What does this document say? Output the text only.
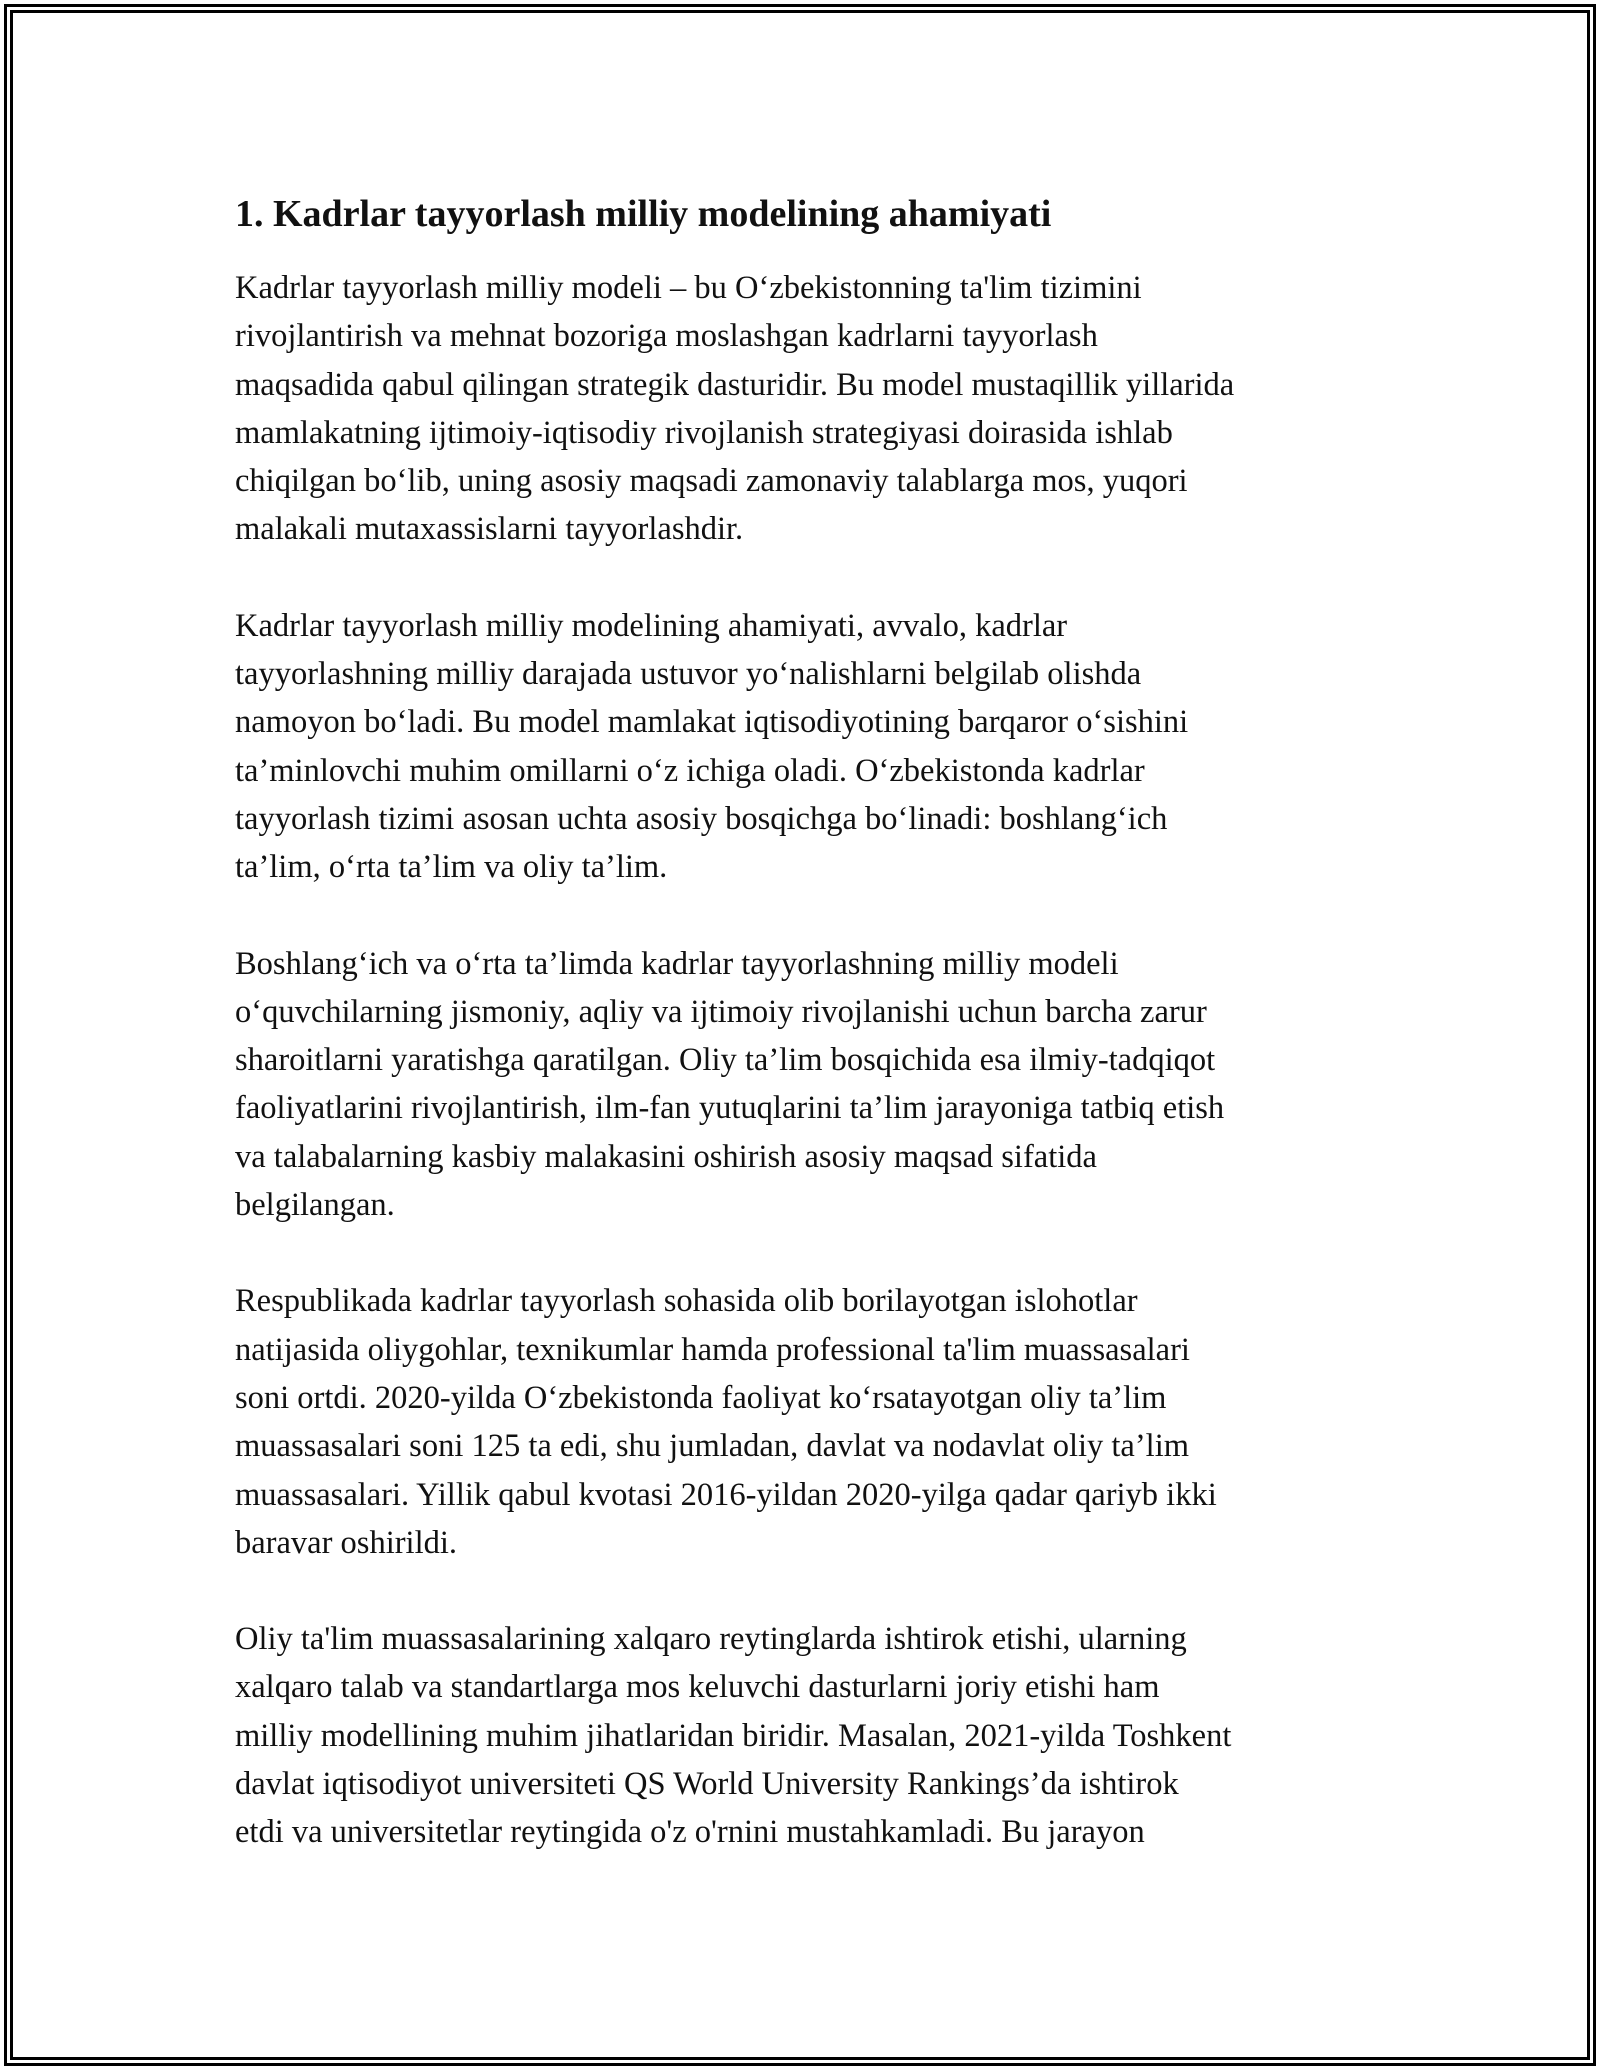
1. Kadrlar tayyorlash milliy modelining ahamiyati

Kadrlar tayyorlash milliy modeli – bu O‘zbekistonning ta'lim tizimini
rivojlantirish va mehnat bozoriga moslashgan kadrlarni tayyorlash
maqsadida qabul qilingan strategik dasturidir. Bu model mustaqillik yillarida
mamlakatning ijtimoiy-iqtisodiy rivojlanish strategiyasi doirasida ishlab
chiqilgan bo‘lib, uning asosiy maqsadi zamonaviy talablarga mos, yuqori
malakali mutaxassislarni tayyorlashdir.

Kadrlar tayyorlash milliy modelining ahamiyati, avvalo, kadrlar
tayyorlashning milliy darajada ustuvor yo‘nalishlarni belgilab olishda
namoyon bo‘ladi. Bu model mamlakat iqtisodiyotining barqaror o‘sishini
ta’minlovchi muhim omillarni o‘z ichiga oladi. O‘zbekistonda kadrlar
tayyorlash tizimi asosan uchta asosiy bosqichga bo‘linadi: boshlang‘ich
ta’lim, o‘rta ta’lim va oliy ta’lim.

Boshlang‘ich va o‘rta ta’limda kadrlar tayyorlashning milliy modeli
o‘quvchilarning jismoniy, aqliy va ijtimoiy rivojlanishi uchun barcha zarur
sharoitlarni yaratishga qaratilgan. Oliy ta’lim bosqichida esa ilmiy-tadqiqot
faoliyatlarini rivojlantirish, ilm-fan yutuqlarini ta’lim jarayoniga tatbiq etish
va talabalarning kasbiy malakasini oshirish asosiy maqsad sifatida
belgilangan.

Respublikada kadrlar tayyorlash sohasida olib borilayotgan islohotlar
natijasida oliygohlar, texnikumlar hamda professional ta'lim muassasalari
soni ortdi. 2020-yilda O‘zbekistonda faoliyat ko‘rsatayotgan oliy ta’lim
muassasalari soni 125 ta edi, shu jumladan, davlat va nodavlat oliy ta’lim
muassasalari. Yillik qabul kvotasi 2016-yildan 2020-yilga qadar qariyb ikki
baravar oshirildi.

Oliy ta'lim muassasalarining xalqaro reytinglarda ishtirok etishi, ularning
xalqaro talab va standartlarga mos keluvchi dasturlarni joriy etishi ham
milliy modellining muhim jihatlaridan biridir. Masalan, 2021-yilda Toshkent
davlat iqtisodiyot universiteti QS World University Rankings’da ishtirok
etdi va universitetlar reytingida o'z o'rnini mustahkamladi. Bu jarayon
